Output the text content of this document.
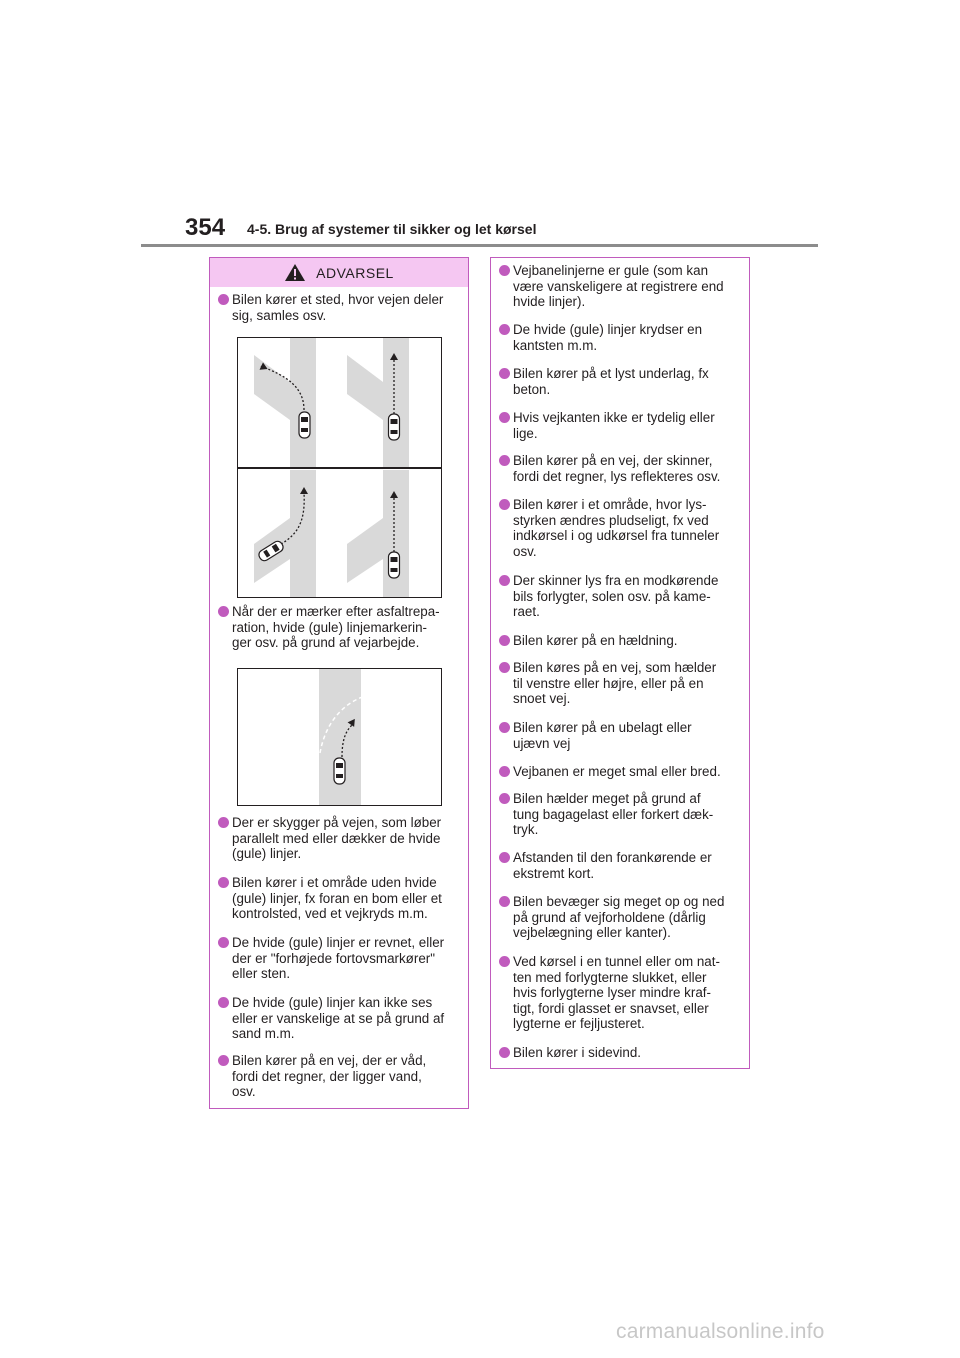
354 4-5. Brug af systemer til sikker og let kørsel
ADVARSEL
Bilen kører et sted, hvor vejen deler
sig, samles osv.
Når der er mærker efter asfaltrepa-
ration, hvide (gule) linjemarkerin-
ger osv. på grund af vejarbejde.
Der er skygger på vejen, som løber
parallelt med eller dækker de hvide
(gule) linjer.
Bilen kører i et område uden hvide
(gule) linjer, fx foran en bom eller et
kontrolsted, ved et vejkryds m.m.
De hvide (gule) linjer er revnet, eller
der er "forhøjede fortovsmarkører"
eller sten.
De hvide (gule) linjer kan ikke ses
eller er vanskelige at se på grund af
sand m.m.
Bilen kører på en vej, der er våd,
fordi det regner, der ligger vand,
osv.
Vejbanelinjerne er gule (som kan
være vanskeligere at registrere end
hvide linjer).
De hvide (gule) linjer krydser en
kantsten m.m.
Bilen kører på et lyst underlag, fx
beton.
Hvis vejkanten ikke er tydelig eller
lige.
Bilen kører på en vej, der skinner,
fordi det regner, lys reflekteres osv.
Bilen kører i et område, hvor lys-
styrken ændres pludseligt, fx ved
indkørsel i og udkørsel fra tunneler
osv.
Der skinner lys fra en modkørende
bils forlygter, solen osv. på kame-
raet.
Bilen kører på en hældning.
Bilen køres på en vej, som hælder
til venstre eller højre, eller på en
snoet vej.
Bilen kører på en ubelagt eller
ujævn vej
Vejbanen er meget smal eller bred.
Bilen hælder meget på grund af
tung bagagelast eller forkert dæk-
tryk.
Afstanden til den forankørende er
ekstremt kort.
Bilen bevæger sig meget op og ned
på grund af vejforholdene (dårlig
vejbelægning eller kanter).
Ved kørsel i en tunnel eller om nat-
ten med forlygterne slukket, eller
hvis forlygterne lyser mindre kraf-
tigt, fordi glasset er snavset, eller
lygterne er fejljusteret.
Bilen kører i sidevind.
carmanualsonline.info
